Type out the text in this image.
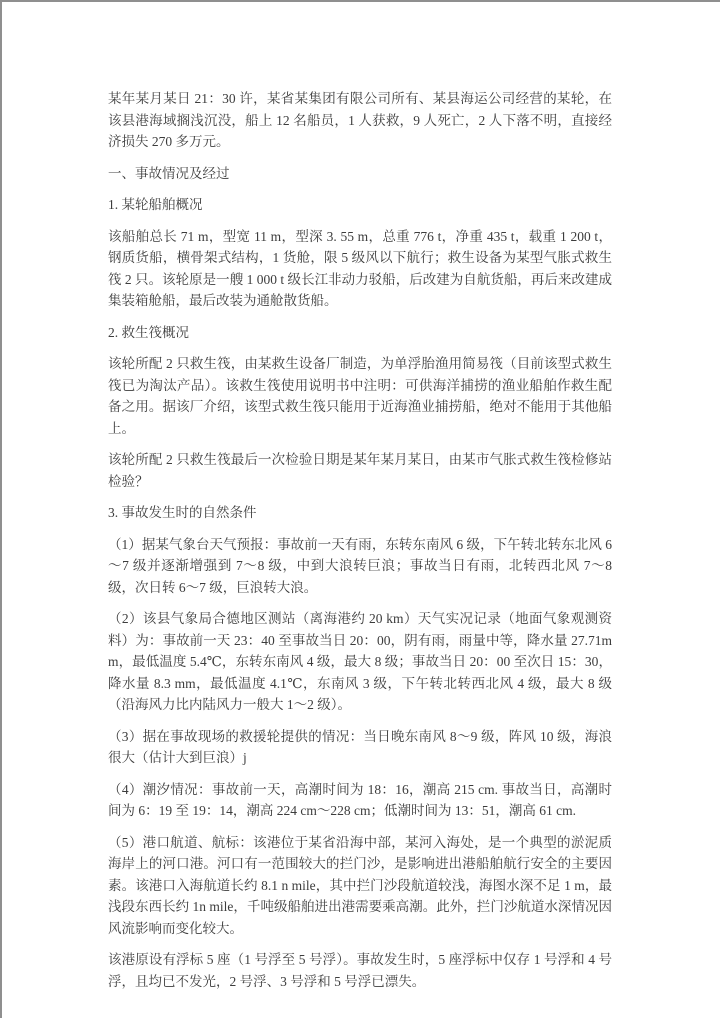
某年某月某日 21：30 许，某省某集团有限公司所有、某县海运公司经营的某轮，在该县港海域搁浅沉没，船上 12 名船员，1 人获救，9 人死亡，2 人下落不明，直接经济损失 270 多万元。

一、事故情况及经过

1. 某轮船舶概况

该船舶总长 71 m，型宽 11 m，型深 3. 55 m，总重 776 t，净重 435 t，载重 1 200 t，钢质货船，横骨架式结构，1 货舱，限 5 级风以下航行；救生设备为某型气胀式救生筏 2 只。该轮原是一艘 1 000 t 级长江非动力驳船，后改建为自航货船，再后来改建成集装箱舱船，最后改装为通舱散货船。

2. 救生筏概况

该轮所配 2 只救生筏，由某救生设备厂制造，为单浮胎渔用简易筏（目前该型式救生筏已为淘汰产品）。该救生筏使用说明书中注明：可供海洋捕捞的渔业船舶作救生配备之用。据该厂介绍，该型式救生筏只能用于近海渔业捕捞船，绝对不能用于其他船上。

该轮所配 2 只救生筏最后一次检验日期是某年某月某日，由某市气胀式救生筏检修站检验？

3. 事故发生时的自然条件

（1）据某气象台天气预报：事故前一天有雨，东转东南风 6 级，下午转北转东北风 6～7 级并逐渐增强到 7～8 级，中到大浪转巨浪；事故当日有雨，北转西北风 7～8 级，次日转 6～7 级，巨浪转大浪。

（2）该县气象局合德地区测站（离海港约 20 km）天气实况记录（地面气象观测资料）为：事故前一天 23：40 至事故当日 20：00，阴有雨，雨量中等，降水量 27.71mm，最低温度 5.4℃，东转东南风 4 级，最大 8 级；事故当日 20：00 至次日 15：30，降水量 8.3 mm，最低温度 4.1℃，东南风 3 级，下午转北转西北风 4 级，最大 8 级（沿海风力比内陆风力一般大 1～2 级）。

（3）据在事故现场的救援轮提供的情况：当日晚东南风 8～9 级，阵风 10 级，海浪很大（估计大到巨浪）j

（4）潮汐情况：事故前一天，高潮时间为 18：16，潮高 215 cm. 事故当日，高潮时间为 6：19 至 19：14，潮高 224 cm～228 cm；低潮时间为 13：51，潮高 61 cm.

（5）港口航道、航标：该港位于某省沿海中部，某河入海处，是一个典型的淤泥质海岸上的河口港。河口有一范围较大的拦门沙，是影响进出港船舶航行安全的主要因素。该港口入海航道长约 8.1 n mile，其中拦门沙段航道较浅，海图水深不足 1 m，最浅段东西长约 1n mile，千吨级船舶进出港需要乘高潮。此外，拦门沙航道水深情况因风流影响而变化较大。

该港原设有浮标 5 座（1 号浮至 5 号浮）。事故发生时，5 座浮标中仅存 1 号浮和 4 号浮，且均已不发光，2 号浮、3 号浮和 5 号浮已漂失。
